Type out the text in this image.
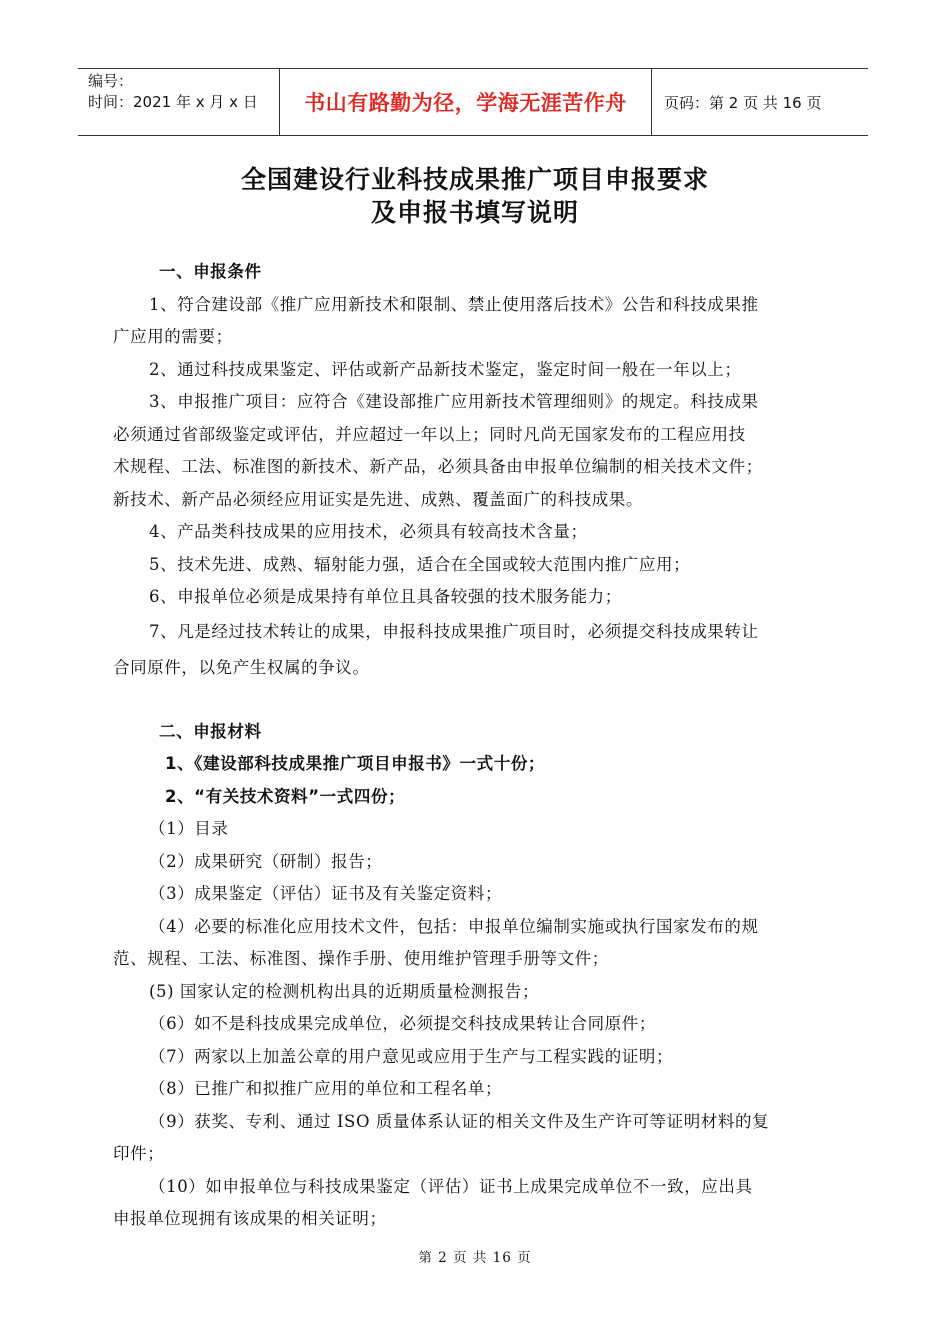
编号：
时间：2021 年 x 月 x 日	书山有路勤为径，学海无涯苦作舟 页码：第 2 页 共 16 页
全国建设行业科技成果推广项目申报要求
及申报书填写说明
一、申报条件
1、符合建设部《推广应用新技术和限制、禁止使用落后技术》公告和科技成果推
广应用的需要；
2、通过科技成果鉴定、评估或新产品新技术鉴定，鉴定时间一般在一年以上；
3、申报推广项目：应符合《建设部推广应用新技术管理细则》的规定。科技成果
必须通过省部级鉴定或评估，并应超过一年以上；同时凡尚无国家发布的工程应用技
术规程、工法、标准图的新技术、新产品，必须具备由申报单位编制的相关技术文件；
新技术、新产品必须经应用证实是先进、成熟、覆盖面广的科技成果。
4、产品类科技成果的应用技术，必须具有较高技术含量；
5、技术先进、成熟、辐射能力强，适合在全国或较大范围内推广应用；
6、申报单位必须是成果持有单位且具备较强的技术服务能力；
7、凡是经过技术转让的成果，申报科技成果推广项目时，必须提交科技成果转让
合同原件，以免产生权属的争议。
二、申报材料
1、《建设部科技成果推广项目申报书》一式十份；
2、“有关技术资料”一式四份；
（1）目录
（2）成果研究（研制）报告；
（3）成果鉴定（评估）证书及有关鉴定资料；
（4）必要的标准化应用技术文件，包括：申报单位编制实施或执行国家发布的规
范、规程、工法、标准图、操作手册、使用维护管理手册等文件；
(5) 国家认定的检测机构出具的近期质量检测报告；
（6）如不是科技成果完成单位，必须提交科技成果转让合同原件；
（7）两家以上加盖公章的用户意见或应用于生产与工程实践的证明；
（8）已推广和拟推广应用的单位和工程名单；
（9）获奖、专利、通过 ISO 质量体系认证的相关文件及生产许可等证明材料的复
印件；
（10）如申报单位与科技成果鉴定（评估）证书上成果完成单位不一致，应出具
申报单位现拥有该成果的相关证明；
第 2 页 共 16 页
